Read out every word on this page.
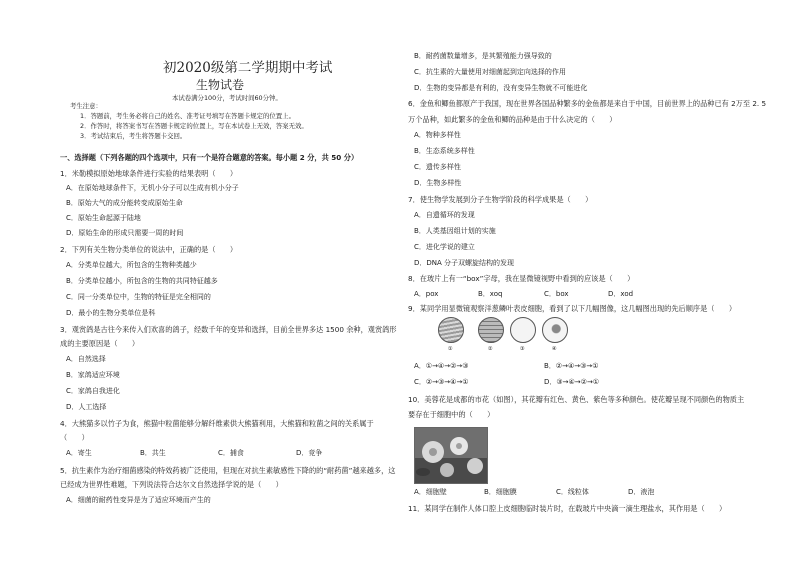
初2020级第二学期期中考试
生物试卷
本试卷满分100分，考试时间60分钟。
考生注意：
1．答题前，考生务必将自己的姓名、准考证号填写在答题卡规定的位置上。
2．作答时，将答案书写在答题卡规定的位置上，写在本试卷上无效，答案无效。
3．考试结束后，考生将答题卡交回。
一、选择题（下列各题的四个选项中，只有一个是符合题意的答案。每小题 2 分，共 50 分）
1．米勒模拟原始地球条件进行实验的结果表明（　　）
A．在原始地球条件下，无机小分子可以生成有机小分子
B．原始大气的成分能转变成原始生命
C．原始生命起源于陆地
D．原始生命的形成只需要一周的时间
2．下列有关生物分类单位的说法中，正确的是（　　）
A．分类单位越大，所包含的生物种类越少
B．分类单位越小，所包含的生物的共同特征越多
C．同一分类单位中，生物的特征是完全相同的
D．最小的生物分类单位是科
3．观赏鸽是古往今来传入们欢喜的鸽子，经数千年的变异和选择，目前全世界多达 1500 余种，观赏鸽形
成的主要原因是（　　）
A．自然选择
B．家鸽适应环境
C．家鸽自我进化
D．人工选择
4．大熊猫多以竹子为食，熊猫中粒菌能够分解纤维素供大熊猫利用，大熊猫和粒菌之间的关系属于
（　　）
A．寄生	B．共生	C．捕食	D．竞争
5．抗生素作为治疗细菌感染的特效药被广泛使用，但现在对抗生素敏感性下降的的“耐药菌”越来越多，这
已经成为世界性难题，下列说法符合达尔文自然选择学说的是（　　）
A．细菌的耐药性变异是为了适应环境而产生的
B．耐药菌数量增多，是其繁殖能力强导致的
C．抗生素的大量使用对细菌起到定向选择的作用
D．生物的变异都是有利的，没有变异生物就不可能进化
6．金鱼和鲫鱼都原产于我国，现在世界各国品种繁多的金鱼都是来自于中国，目前世界上的品种已有 2万至 2. 5
万个品种，如此繁多的金鱼和鲫的品种是由于什么决定的（　　）
A．物种多样性
B．生态系统多样性
C．遗传多样性
D．生物多样性
7．使生物学发展到分子生物学阶段的科学成果是（　　）
A．自遗循环的发现
B．人类基因组计划的实施
C．进化学说的建立
D．DNA 分子双螺旋结构的发现
8．在玻片上有一“box”字母，我在显微镜视野中看到的应该是（　　）
A．pox	B．xoq	C．box	D．xod
9．某同学用显微镜观察洋葱鳞叶表皮细胞，看到了以下几幅图像，这几幅图出现的先后顺序是（　　）
①	②	③	④
A．①→④→②→③	B．②→④→③→①
C．②→③→④→①	D．③→④→②→①
10．美蓉花是成都的市花（如图），其花瓣有红色、黄色、紫色等多种颜色。使花瓣呈现不同颜色的物质主
要存在于细胞中的（　　）
A．细胞壁	B．细胞膜	C．线粒体	D．液泡
11．某同学在制作人体口腔上皮细胞临时装片时，在载玻片中央滴一滴生理盐水，其作用是（　　）
